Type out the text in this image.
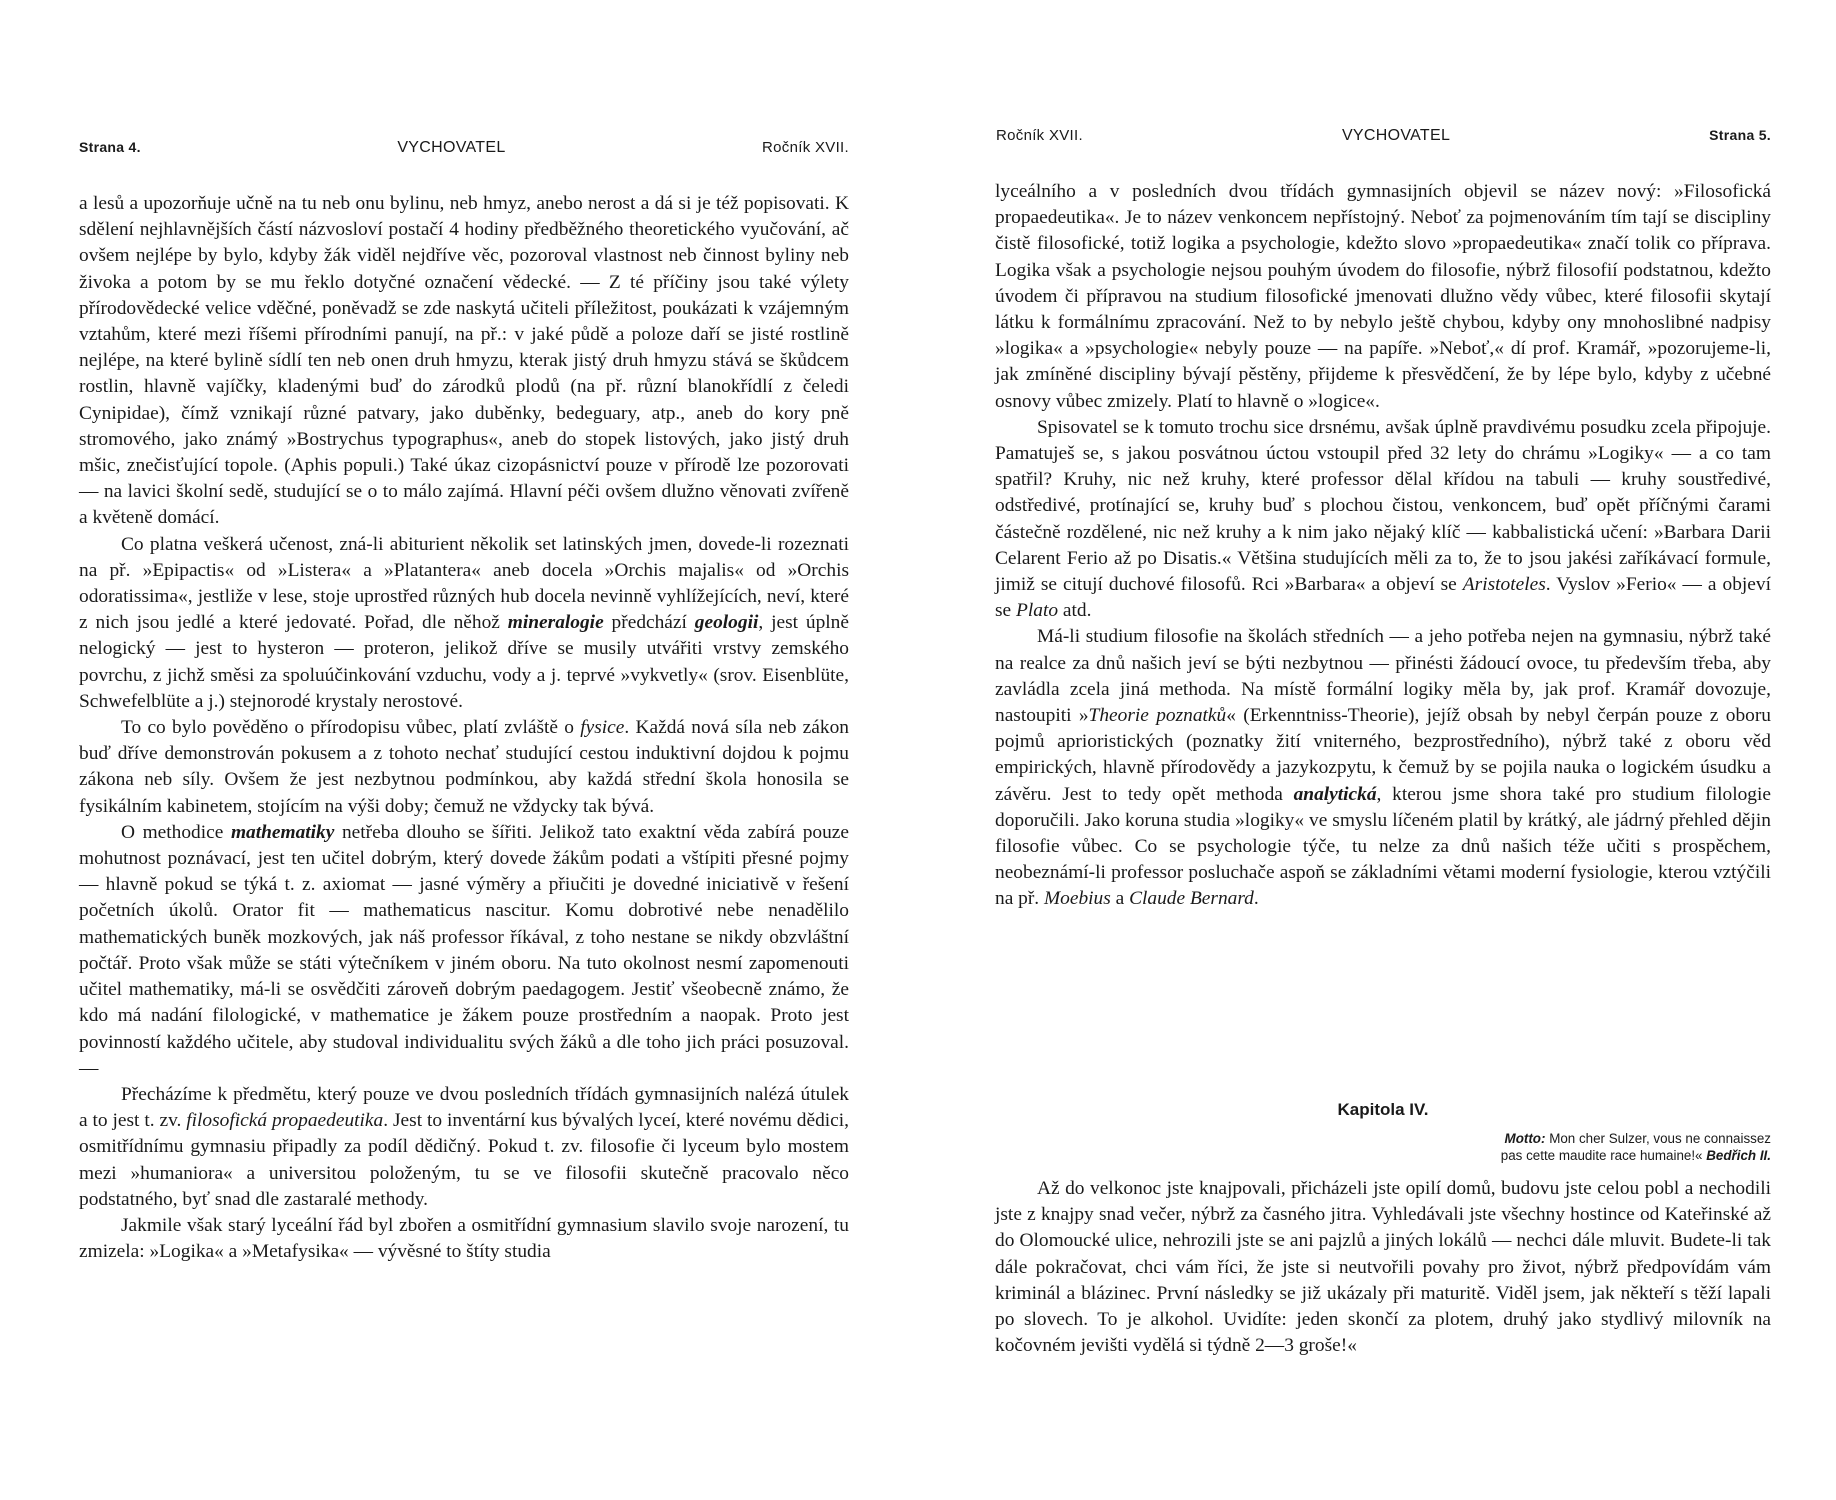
Strana 4.	VYCHOVATEL	Ročník XVII.

a lesů a upozorňuje učně na tu neb onu bylinu, neb hmyz, anebo nerost a dá si je též popisovati. K sdělení nejhlavnějších částí názvosloví postačí 4 hodiny předběžného theoretického vyučování, ač ovšem nejlépe by bylo, kdyby žák viděl nejdříve věc, pozoroval vlastnost neb činnost byliny neb živoka a potom by se mu řeklo dotyčné označení vědecké. — Z té příčiny jsou také výlety přírodovědecké velice vděčné, poněvadž se zde naskytá učiteli příležitost, poukázati k vzájemným vztahům, které mezi říšemi přírodními panují, na př.: v jaké půdě a poloze daří se jisté rostlině nejlépe, na které bylině sídlí ten neb onen druh hmyzu, kterak jistý druh hmyzu stává se škůdcem rostlin, hlavně vajíčky, kladenými buď do zárodků plodů (na př. různí blanokřídlí z čeledi Cynipidae), čímž vznikají různé patvary, jako duběnky, bedeguary, atp., aneb do kory pně stromového, jako známý »Bostrychus typographus«, aneb do stopek listových, jako jistý druh mšic, znečisťující topole. (Aphis populi.) Také úkaz cizopásnictví pouze v přírodě lze pozorovati — na lavici školní sedě, studující se o to málo zajímá. Hlavní péči ovšem dlužno věnovati zvířeně a květeně domácí.

Co platna veškerá učenost, zná-li abiturient několik set latinských jmen, dovede-li rozeznati na př. »Epipactis« od »Listera« a »Platantera« aneb docela »Orchis majalis« od »Orchis odoratissima«, jestliže v lese, stoje uprostřed různých hub docela nevinně vyhlížejících, neví, které z nich jsou jedlé a které jedovaté. Pořad, dle něhož mineralogie předchází geologii, jest úplně nelogický — jest to hysteron — proteron, jelikož dříve se musily utvářiti vrstvy zemského povrchu, z jichž směsi za spoluúčinkování vzduchu, vody a j. teprvé »vykvetly« (srov. Eisenblüte, Schwefelblüte a j.) stejnorodé krystaly nerostové.

To co bylo pověděno o přírodopisu vůbec, platí zvláště o fysice. Každá nová síla neb zákon buď dříve demonstrován pokusem a z tohoto nechať studující cestou induktivní dojdou k pojmu zákona neb síly. Ovšem že jest nezbytnou podmínkou, aby každá střední škola honosila se fysikálním kabinetem, stojícím na výši doby; čemuž ne vždycky tak bývá.

O methodice mathematiky netřeba dlouho se šířiti. Jelikož tato exaktní věda zabírá pouze mohutnost poznávací, jest ten učitel dobrým, který dovede žákům podati a vštípiti přesné pojmy — hlavně pokud se týká t. z. axiomat — jasné výměry a přiučiti je dovedné iniciativě v řešení početních úkolů. Orator fit — mathematicus nascitur. Komu dobrotivé nebe nenadělilo mathematických buněk mozkových, jak náš professor říkával, z toho nestane se nikdy obzvláštní počtář. Proto však může se státi výtečníkem v jiném oboru. Na tuto okolnost nesmí zapomenouti učitel mathematiky, má-li se osvědčiti zároveň dobrým paedagogem. Jestiť všeobecně známo, že kdo má nadání filologické, v mathematice je žákem pouze prostředním a naopak. Proto jest povinností každého učitele, aby studoval individualitu svých žáků a dle toho jich práci posuzoval. —

Přecházíme k předmětu, který pouze ve dvou posledních třídách gymnasijních nalézá útulek a to jest t. zv. filosofická propaedeutika. Jest to inventární kus bývalých lyceí, které novému dědici, osmitřídnímu gymnasiu připadly za podíl dědičný. Pokud t. zv. filosofie či lyceum bylo mostem mezi »humaniora« a universitou položeným, tu se ve filosofii skutečně pracovalo něco podstatného, byť snad dle zastaralé methody.

Jakmile však starý lyceální řád byl zbořen a osmitřídní gymnasium slavilo svoje narození, tu zmizela: »Logika« a »Metafysika« — vývěsné to štíty studia

Ročník XVII.	VYCHOVATEL	Strana 5.

lyceálního a v posledních dvou třídách gymnasijních objevil se název nový: »Filosofická propaedeutika«. Je to název venkoncem nepřístojný. Neboť za pojmenováním tím tají se discipliny čistě filosofické, totiž logika a psychologie, kdežto slovo »propaedeutika« značí tolik co příprava. Logika však a psychologie nejsou pouhým úvodem do filosofie, nýbrž filosofií podstatnou, kdežto úvodem či přípravou na studium filosofické jmenovati dlužno vědy vůbec, které filosofii skytají látku k formálnímu zpracování. Než to by nebylo ještě chybou, kdyby ony mnohoslibné nadpisy »logika« a »psychologie« nebyly pouze — na papíře. »Neboť,« dí prof. Kramář, »pozorujeme-li, jak zmíněné discipliny bývají pěstěny, přijdeme k přesvědčení, že by lépe bylo, kdyby z učebné osnovy vůbec zmizely. Platí to hlavně o »logice«.

Spisovatel se k tomuto trochu sice drsnému, avšak úplně pravdivému posudku zcela připojuje. Pamatuješ se, s jakou posvátnou úctou vstoupil před 32 lety do chrámu »Logiky« — a co tam spatřil? Kruhy, nic než kruhy, které professor dělal křídou na tabuli — kruhy soustředivé, odstředivé, protínající se, kruhy buď s plochou čistou, venkoncem, buď opět příčnými čarami částečně rozdělené, nic než kruhy a k nim jako nějaký klíč — kabbalistická učení: »Barbara Darii Celarent Ferio až po Disatis.« Většina studujících měli za to, že to jsou jakési zaříkávací formule, jimiž se citují duchové filosofů. Rci »Barbara« a objeví se Aristoteles. Vyslov »Ferio« — a objeví se Plato atd.

Má-li studium filosofie na školách středních — a jeho potřeba nejen na gymnasiu, nýbrž také na realce za dnů našich jeví se býti nezbytnou — přinésti žádoucí ovoce, tu především třeba, aby zavládla zcela jiná methoda. Na místě formální logiky měla by, jak prof. Kramář dovozuje, nastoupiti »Theorie poznatků« (Erkenntniss-Theorie), jejíž obsah by nebyl čerpán pouze z oboru pojmů aprioristických (poznatky žití vniterného, bezprostředního), nýbrž také z oboru věd empirických, hlavně přírodovědy a jazykozpytu, k čemuž by se pojila nauka o logickém úsudku a závěru. Jest to tedy opět methoda analytická, kterou jsme shora také pro studium filologie doporučili. Jako koruna studia »logiky« ve smyslu líčeném platil by krátký, ale jádrný přehled dějin filosofie vůbec. Co se psychologie týče, tu nelze za dnů našich téže učiti s prospěchem, neobeznámí-li professor posluchače aspoň se základními větami moderní fysiologie, kterou vztýčili na př. Moebius a Claude Bernard.

Kapitola IV.
Motto: Mon cher Sulzer, vous ne connaissez
pas cette maudite race humaine!« Bedřich II.

Až do velkonoc jste knajpovali, přicházeli jste opilí domů, budovu jste celou pobl a nechodili jste z knajpy snad večer, nýbrž za časného jitra. Vyhledávali jste všechny hostince od Kateřinské až do Olomoucké ulice, nehrozili jste se ani pajzlů a jiných lokálů — nechci dále mluvit. Budete-li tak dále pokračovat, chci vám říci, že jste si neutvořili povahy pro život, nýbrž předpovídám vám kriminál a blázinec. První následky se již ukázaly při maturitě. Viděl jsem, jak někteří s těží lapali po slovech. To je alkohol. Uvidíte: jeden skončí za plotem, druhý jako stydlivý milovník na kočovném jevišti vydělá si týdně 2—3 groše!«
